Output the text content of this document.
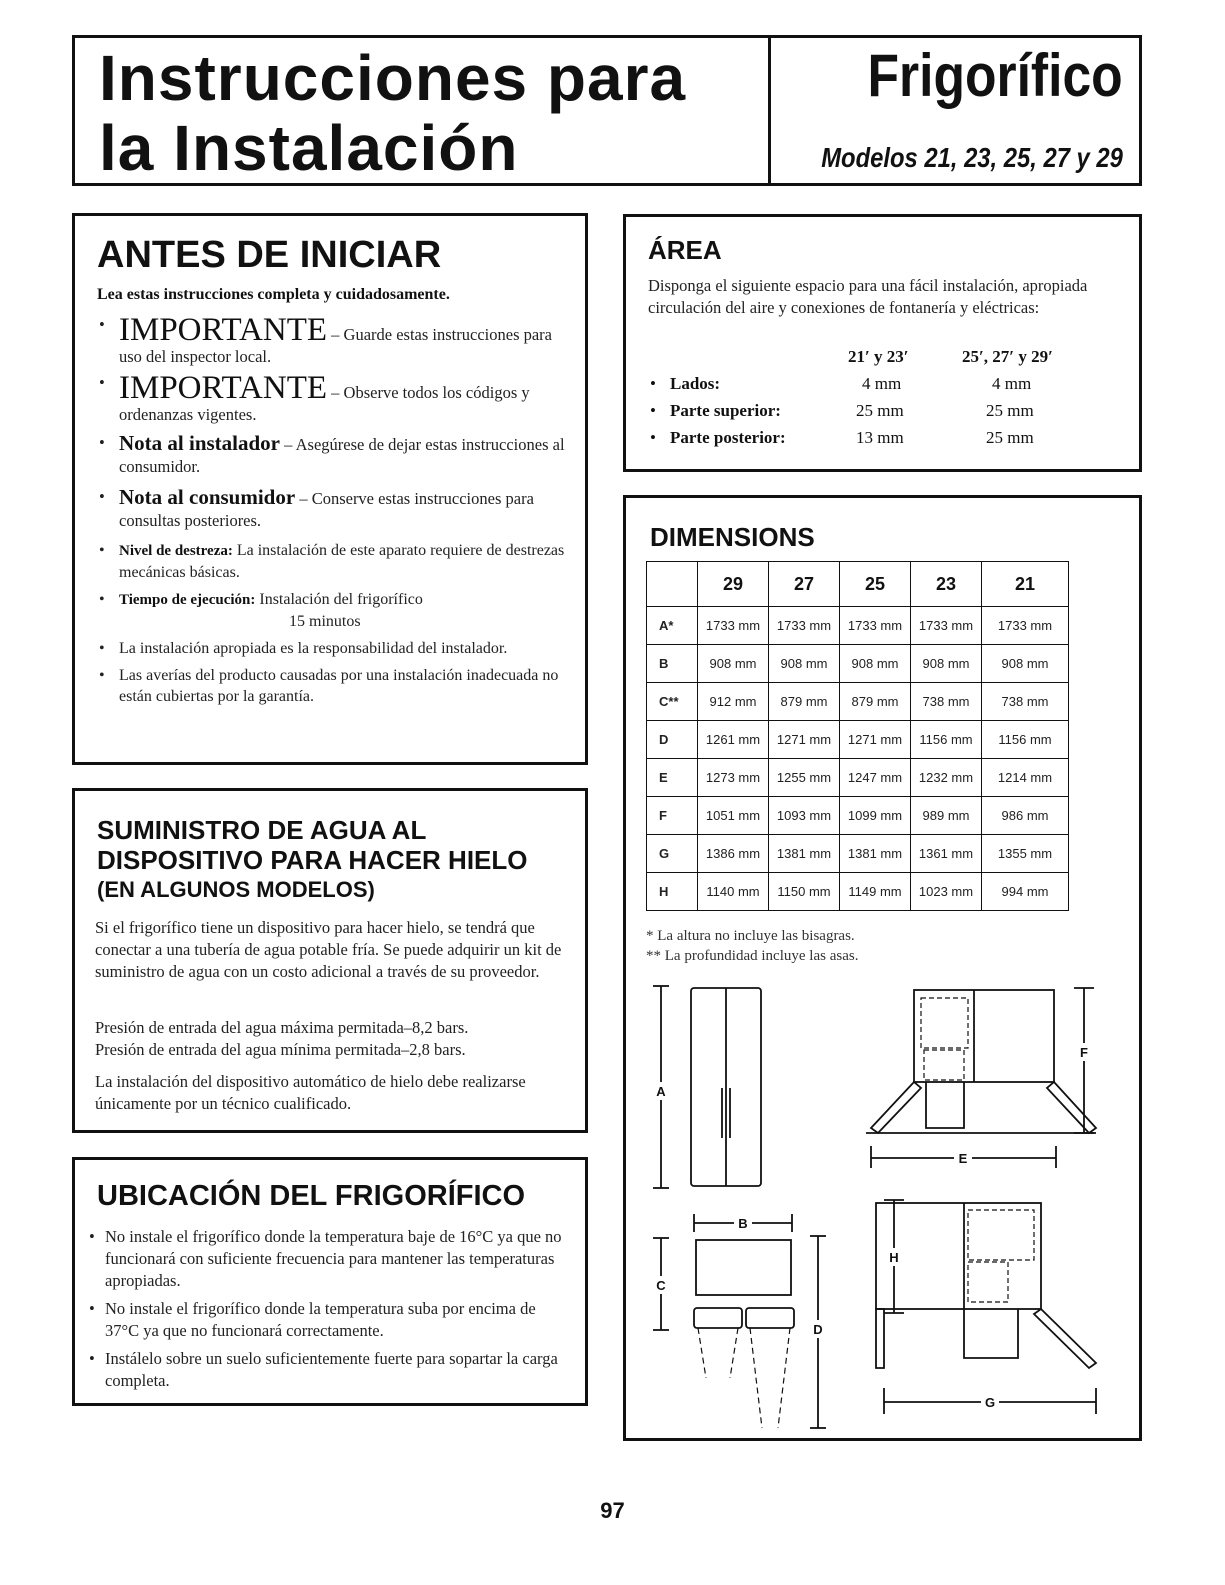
Instrucciones para
la Instalación
Frigorífico
Modelos 21, 23, 25, 27 y 29
ANTES DE INICIAR
Lea estas instrucciones completa y cuidadosamente.
• IMPORTANTE – Guarde estas instrucciones para uso del inspector local.
• IMPORTANTE – Observe todos los códigos y ordenanzas vigentes.
• Nota al instalador – Asegúrese de dejar estas instrucciones al consumidor.
• Nota al consumidor – Conserve estas instrucciones para consultas posteriores.
• Nivel de destreza: La instalación de este aparato requiere de destrezas mecánicas básicas.
• Tiempo de ejecución: Instalación del frigorífico
15 minutos
• La instalación apropiada es la responsabilidad del instalador.
• Las averías del producto causadas por una instalación inadecuada no están cubiertas por la garantía.
SUMINISTRO DE AGUA AL
DISPOSITIVO PARA HACER HIELO
(EN ALGUNOS MODELOS)
Si el frigorífico tiene un dispositivo para hacer hielo, se tendrá que conectar a una tubería de agua potable fría. Se puede adquirir un kit de suministro de agua con un costo adicional a través de su proveedor.
Presión de entrada del agua máxima permitada–8,2 bars.
Presión de entrada del agua mínima permitada–2,8 bars.
La instalación del dispositivo automático de hielo debe realizarse únicamente por un técnico cualificado.
UBICACIÓN DEL FRIGORÍFICO
• No instale el frigorífico donde la temperatura baje de 16°C ya que no funcionará con suficiente frecuencia para mantener las temperaturas apropiadas.
• No instale el frigorífico donde la temperatura suba por encima de 37°C ya que no funcionará correctamente.
• Instálelo sobre un suelo suficientemente fuerte para sopartar la carga completa.
ÁREA
Disponga el siguiente espacio para una fácil instalación, apropiada circulación del aire y conexiones de fontanería y eléctricas:
21′ y 23′	25′, 27′ y 29′
• Lados:	4 mm	4 mm
• Parte superior:	25 mm	25 mm
• Parte posterior:	13 mm	25 mm
DIMENSIONS
	29	27	25	23	21
A*	1733 mm	1733 mm	1733 mm	1733 mm	1733 mm
B	908 mm	908 mm	908 mm	908 mm	908 mm
C**	912 mm	879 mm	879 mm	738 mm	738 mm
D	1261 mm	1271 mm	1271 mm	1156 mm	1156 mm
E	1273 mm	1255 mm	1247 mm	1232 mm	1214 mm
F	1051 mm	1093 mm	1099 mm	989 mm	986 mm
G	1386 mm	1381 mm	1381 mm	1361 mm	1355 mm
H	1140 mm	1150 mm	1149 mm	1023 mm	994 mm
* La altura no incluye las bisagras.
** La profundidad incluye las asas.
A
B
C
D
E
F
G
H
97
